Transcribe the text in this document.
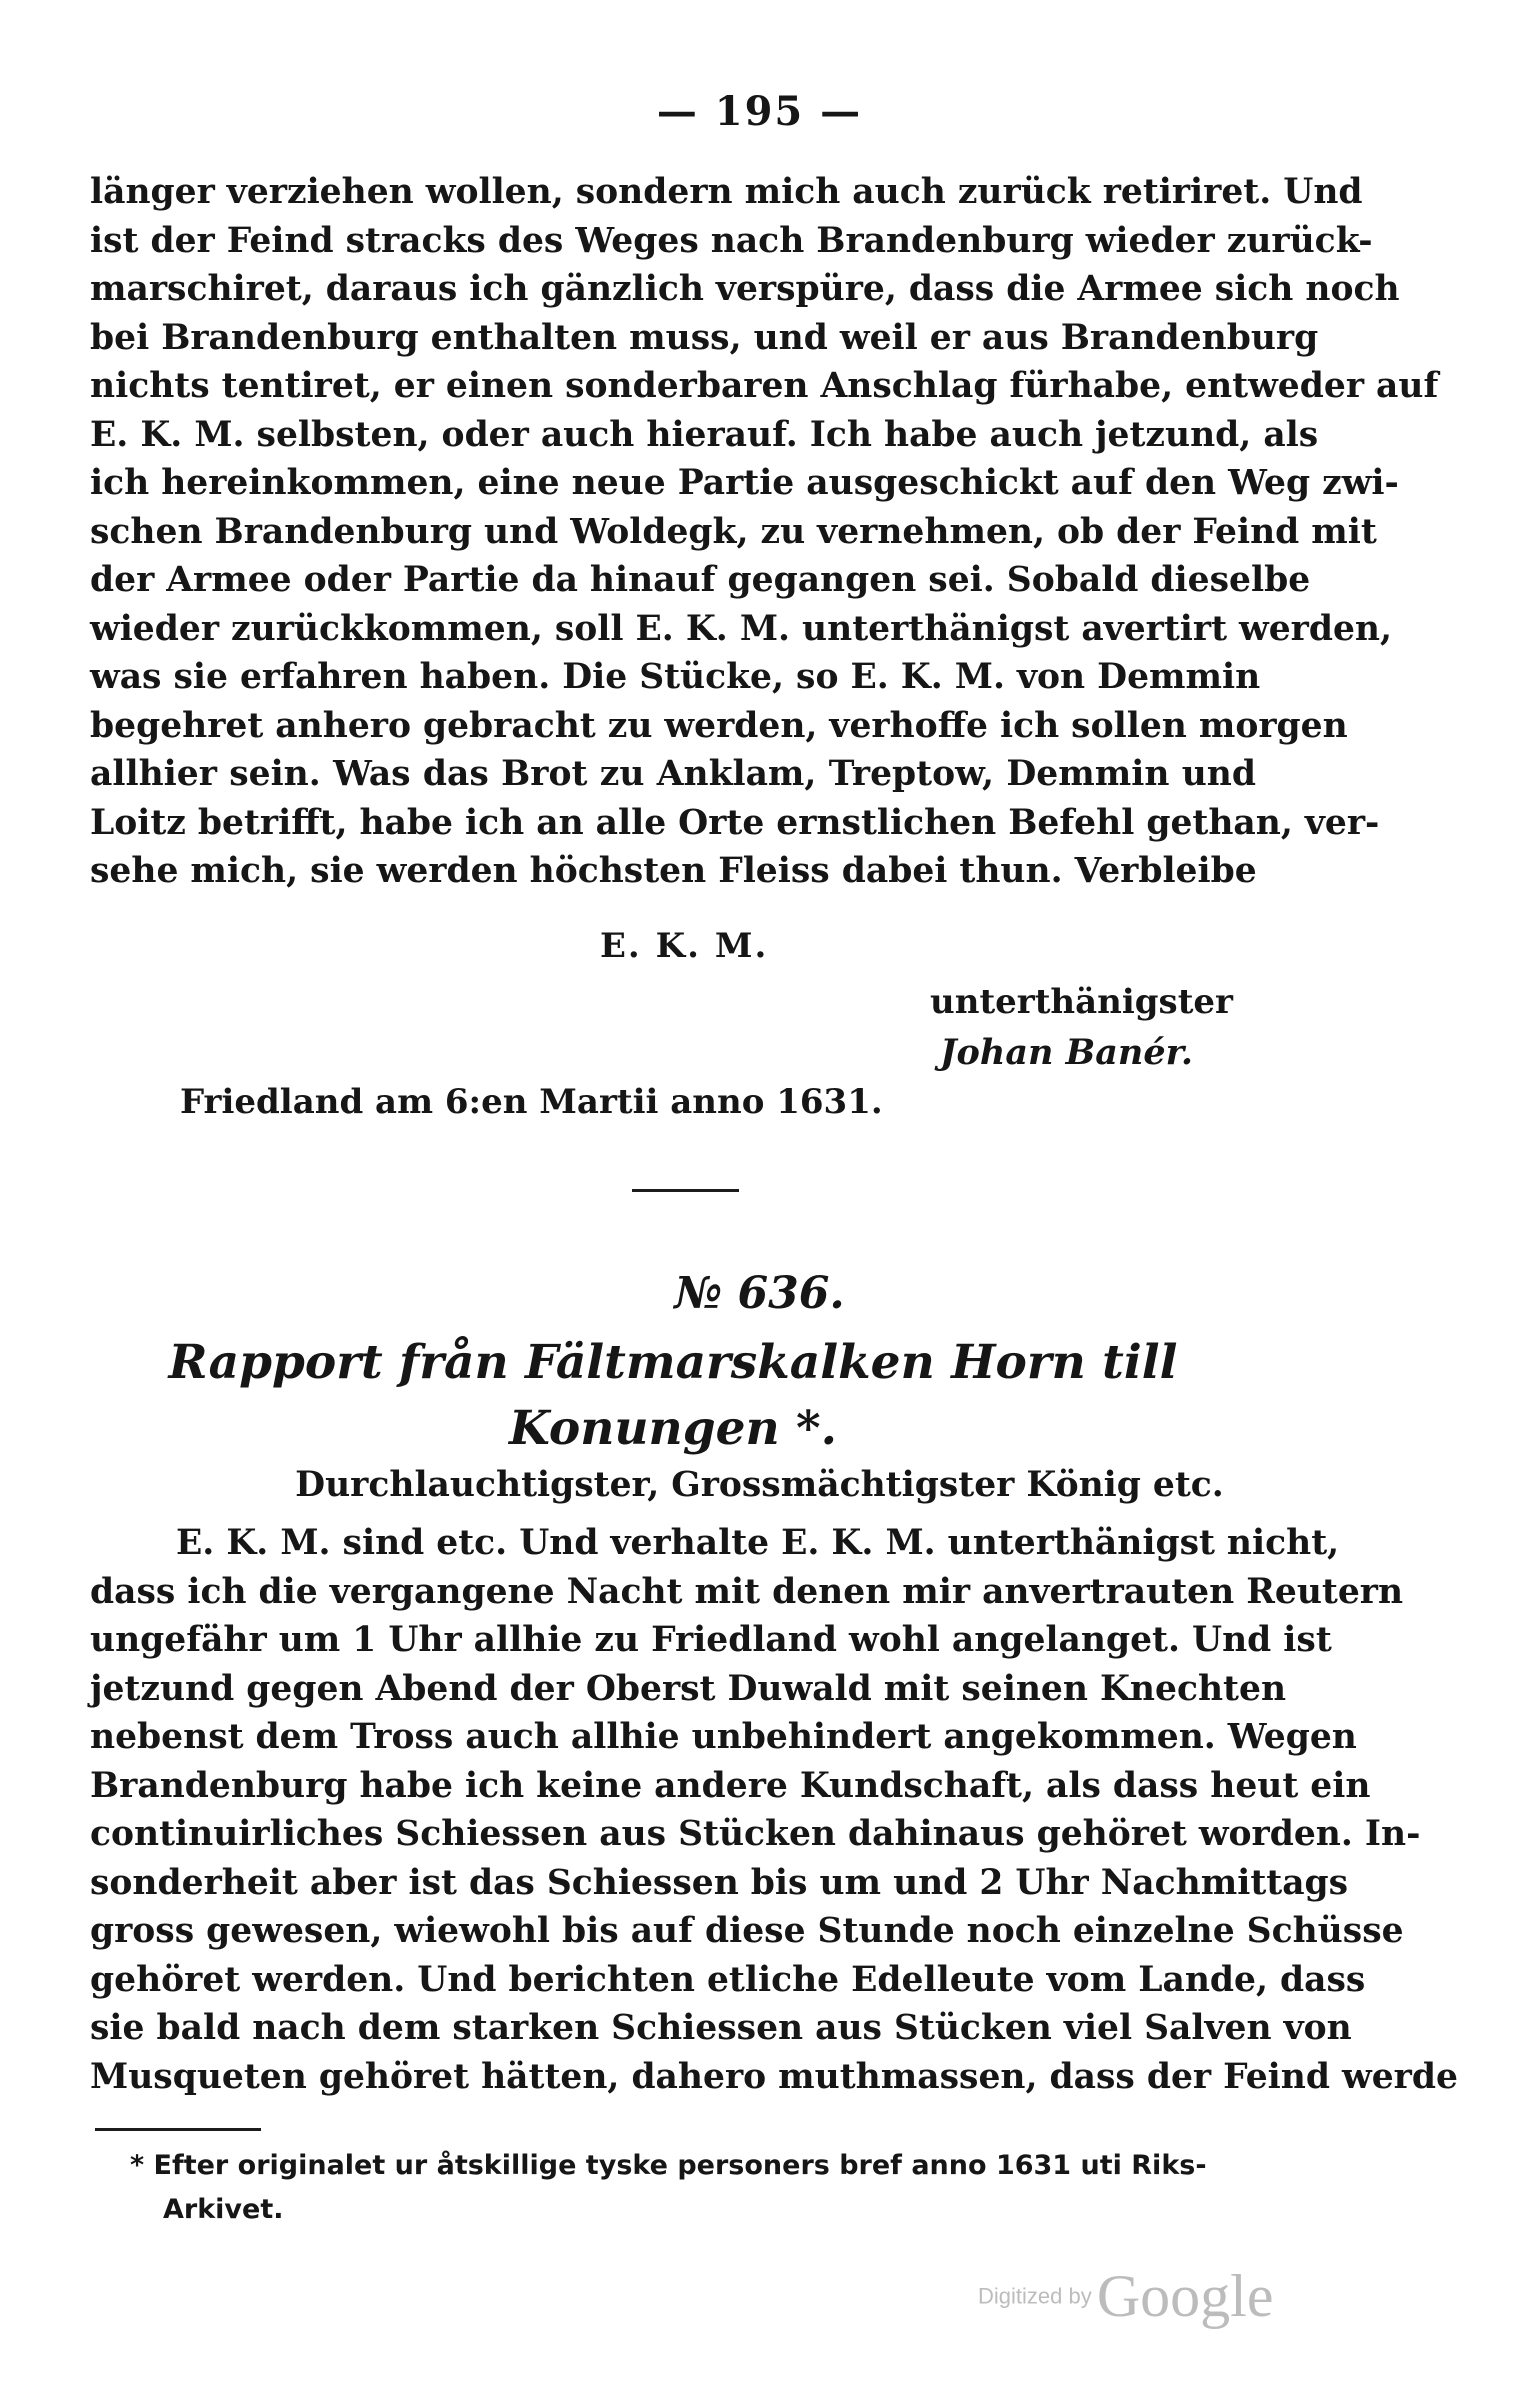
— 195 —
länger verziehen wollen, sondern mich auch zurück retiriret. Und
ist der Feind stracks des Weges nach Brandenburg wieder zurück-
marschiret, daraus ich gänzlich verspüre, dass die Armee sich noch
bei Brandenburg enthalten muss, und weil er aus Brandenburg
nichts tentiret, er einen sonderbaren Anschlag fürhabe, entweder auf
E. K. M. selbsten, oder auch hierauf. Ich habe auch jetzund, als
ich hereinkommen, eine neue Partie ausgeschickt auf den Weg zwi-
schen Brandenburg und Woldegk, zu vernehmen, ob der Feind mit
der Armee oder Partie da hinauf gegangen sei. Sobald dieselbe
wieder zurückkommen, soll E. K. M. unterthänigst avertirt werden,
was sie erfahren haben. Die Stücke, so E. K. M. von Demmin
begehret anhero gebracht zu werden, verhoffe ich sollen morgen
allhier sein. Was das Brot zu Anklam, Treptow, Demmin und
Loitz betrifft, habe ich an alle Orte ernstlichen Befehl gethan, ver-
sehe mich, sie werden höchsten Fleiss dabei thun. Verbleibe
E. K. M.
unterthänigster
Johan Banér.
Friedland am 6:en Martii anno 1631.
№ 636.
Rapport från Fältmarskalken Horn till
Konungen *.
Durchlauchtigster, Grossmächtigster König etc.
E. K. M. sind etc. Und verhalte E. K. M. unterthänigst nicht,
dass ich die vergangene Nacht mit denen mir anvertrauten Reutern
ungefähr um 1 Uhr allhie zu Friedland wohl angelanget. Und ist
jetzund gegen Abend der Oberst Duwald mit seinen Knechten
nebenst dem Tross auch allhie unbehindert angekommen. Wegen
Brandenburg habe ich keine andere Kundschaft, als dass heut ein
continuirliches Schiessen aus Stücken dahinaus gehöret worden. In-
sonderheit aber ist das Schiessen bis um und 2 Uhr Nachmittags
gross gewesen, wiewohl bis auf diese Stunde noch einzelne Schüsse
gehöret werden. Und berichten etliche Edelleute vom Lande, dass
sie bald nach dem starken Schiessen aus Stücken viel Salven von
Musqueten gehöret hätten, dahero muthmassen, dass der Feind werde
* Efter originalet ur åtskillige tyske personers bref anno 1631 uti Riks-
Arkivet.
Digitized by Google
